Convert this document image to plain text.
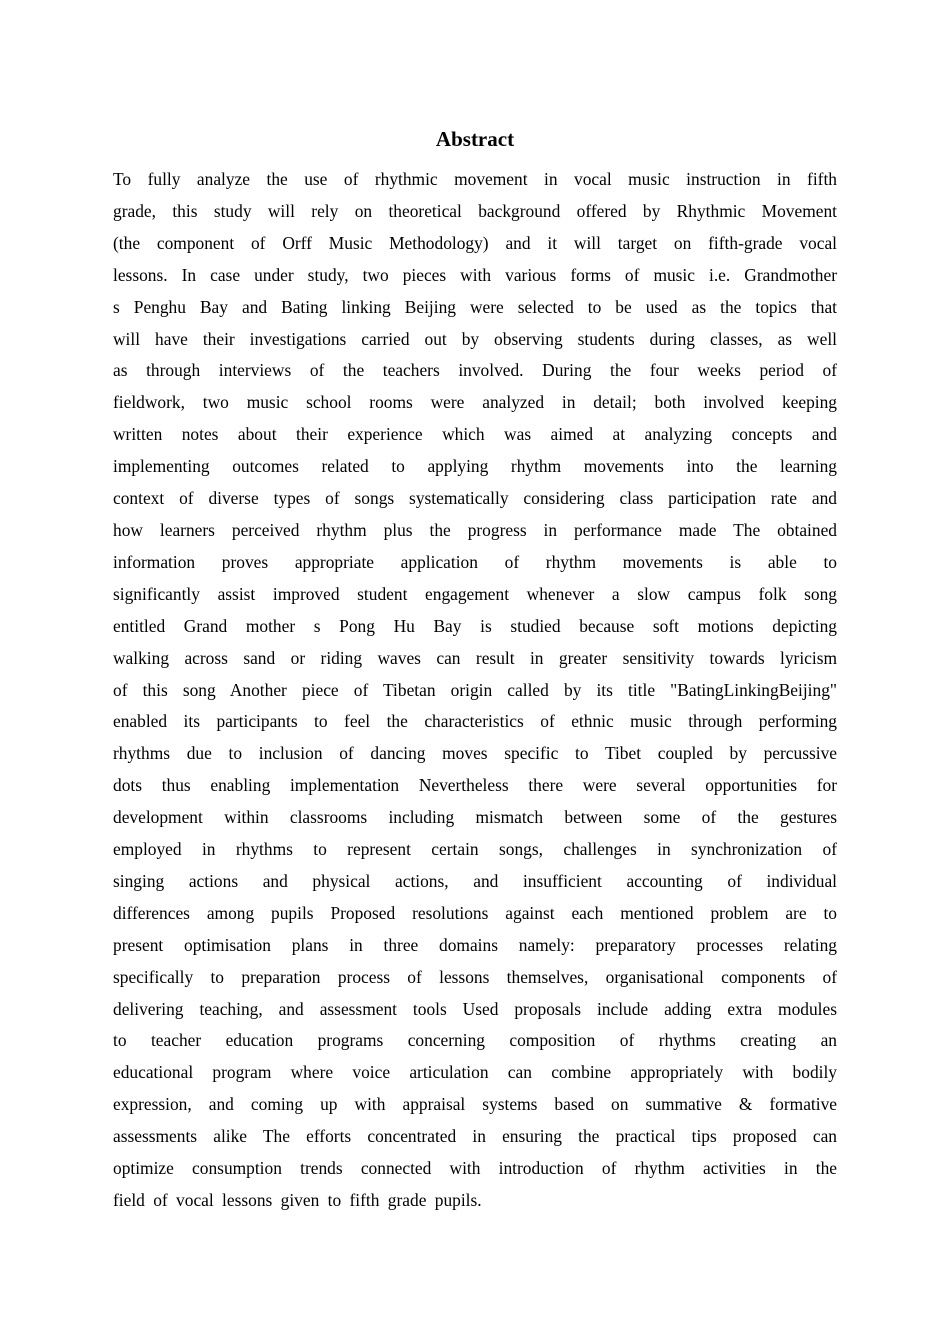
Abstract
To fully analyze the use of rhythmic movement in vocal music instruction in fifth
grade, this study will rely on theoretical background offered by Rhythmic Movement
(the component of Orff Music Methodology) and it will target on fifth-grade vocal
lessons. In case under study, two pieces with various forms of music i.e. Grandmother
s Penghu Bay and Bating linking Beijing were selected to be used as the topics that
will have their investigations carried out by observing students during classes, as well
as through interviews of the teachers involved. During the four weeks period of
fieldwork, two music school rooms were analyzed in detail; both involved keeping
written notes about their experience which was aimed at analyzing concepts and
implementing outcomes related to applying rhythm movements into the learning
context of diverse types of songs systematically considering class participation rate and
how learners perceived rhythm plus the progress in performance made The obtained
information proves appropriate application of rhythm movements is able to
significantly assist improved student engagement whenever a slow campus folk song
entitled Grand mother s Pong Hu Bay is studied because soft motions depicting
walking across sand or riding waves can result in greater sensitivity towards lyricism
of this song Another piece of Tibetan origin called by its title "BatingLinkingBeijing"
enabled its participants to feel the characteristics of ethnic music through performing
rhythms due to inclusion of dancing moves specific to Tibet coupled by percussive
dots thus enabling implementation Nevertheless there were several opportunities for
development within classrooms including mismatch between some of the gestures
employed in rhythms to represent certain songs, challenges in synchronization of
singing actions and physical actions, and insufficient accounting of individual
differences among pupils Proposed resolutions against each mentioned problem are to
present optimisation plans in three domains namely: preparatory processes relating
specifically to preparation process of lessons themselves, organisational components of
delivering teaching, and assessment tools Used proposals include adding extra modules
to teacher education programs concerning composition of rhythms creating an
educational program where voice articulation can combine appropriately with bodily
expression, and coming up with appraisal systems based on summative & formative
assessments alike The efforts concentrated in ensuring the practical tips proposed can
optimize consumption trends connected with introduction of rhythm activities in the
field of vocal lessons given to fifth grade pupils.
